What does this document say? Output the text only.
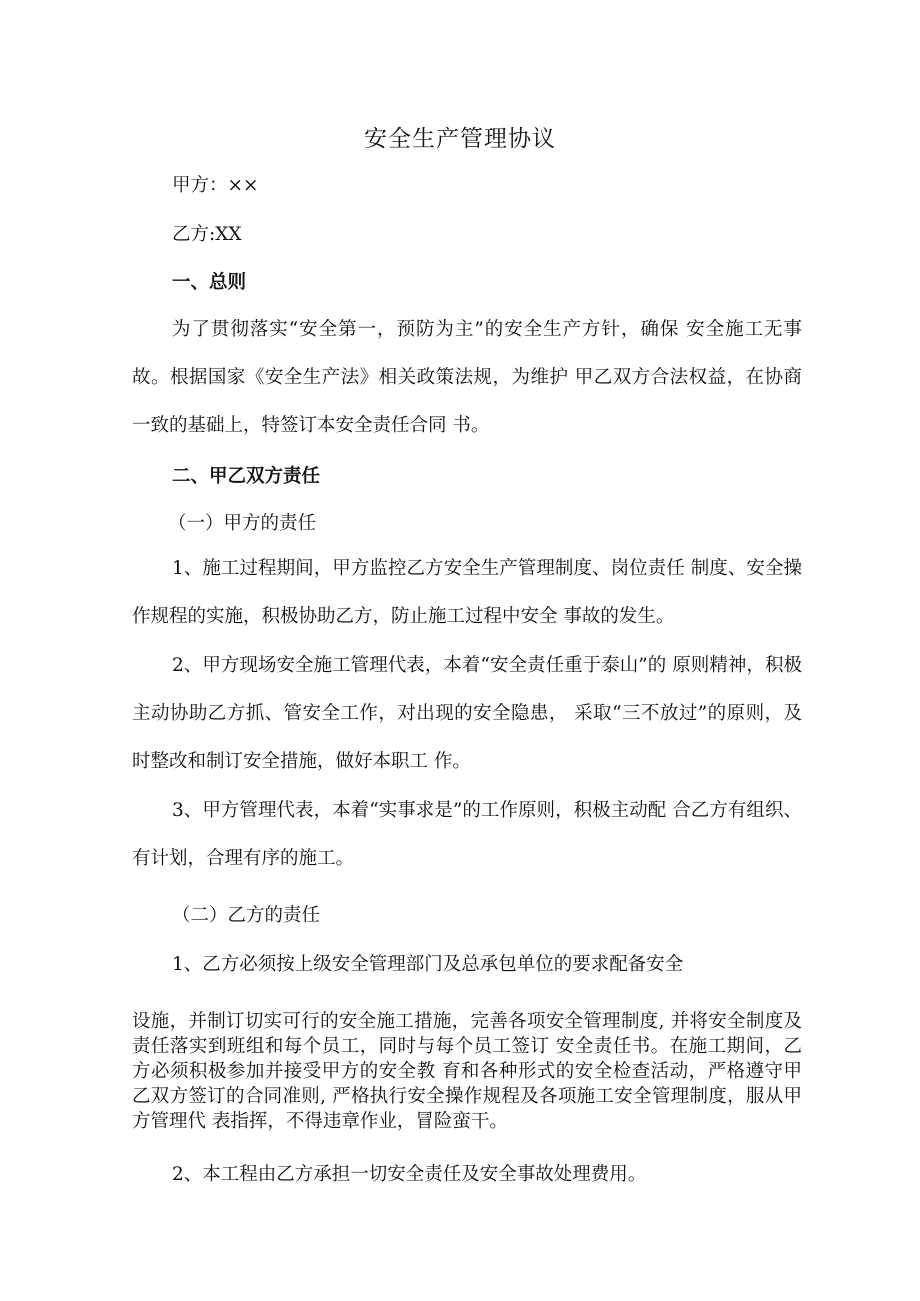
安全生产管理协议
甲方：××
乙方:XX
一、总则

为了贯彻落实“安全第一，预防为主”的安全生产方针，确保 安全施工无事故。根据国家《安全生产法》相关政策法规，为维护 甲乙双方合法权益，在协商一致的基础上，特签订本安全责任合同 书。

二、甲乙双方责任
（一）甲方的责任

1、施工过程期间，甲方监控乙方安全生产管理制度、岗位责任 制度、安全操作规程的实施，积极协助乙方，防止施工过程中安全 事故的发生。

2、甲方现场安全施工管理代表，本着“安全责任重于泰山”的 原则精神，积极主动协助乙方抓、管安全工作，对出现的安全隐患， 采取“三不放过”的原则，及时整改和制订安全措施，做好本职工 作。

3、甲方管理代表，本着“实事求是”的工作原则，积极主动配 合乙方有组织、有计划，合理有序的施工。

（二）乙方的责任
1、乙方必须按上级安全管理部门及总承包单位的要求配备安全

设施，并制订切实可行的安全施工措施，完善各项安全管理制度, 并将安全制度及责任落实到班组和每个员工，同时与每个员工签订 安全责任书。在施工期间，乙方必须积极参加并接受甲方的安全教 育和各种形式的安全检查活动，严格遵守甲乙双方签订的合同准则, 严格执行安全操作规程及各项施工安全管理制度，服从甲方管理代 表指挥，不得违章作业，冒险蛮干。

2、本工程由乙方承担一切安全责任及安全事故处理费用。
